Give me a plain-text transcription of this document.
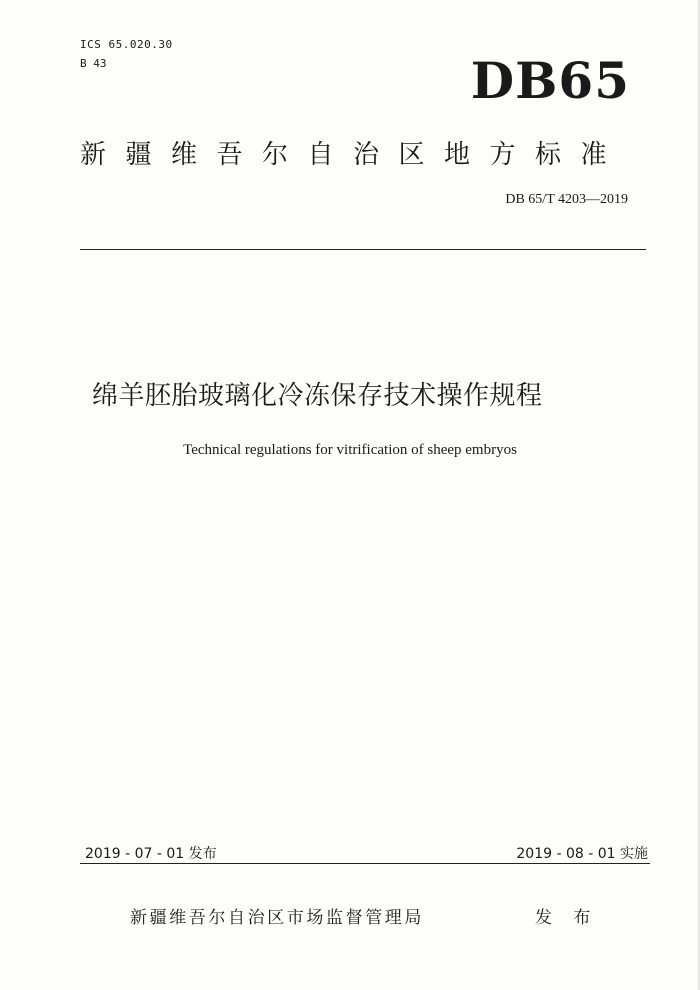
ICS 65.020.30
B 43	DB65
新疆维吾尔自治区地方标准
DB 65/T 4203—2019
绵羊胚胎玻璃化冷冻保存技术操作规程
Technical regulations for vitrification of sheep embryos
2019 - 07 - 01 发布	2019 - 08 - 01 实施
新疆维吾尔自治区市场监督管理局	发 布
